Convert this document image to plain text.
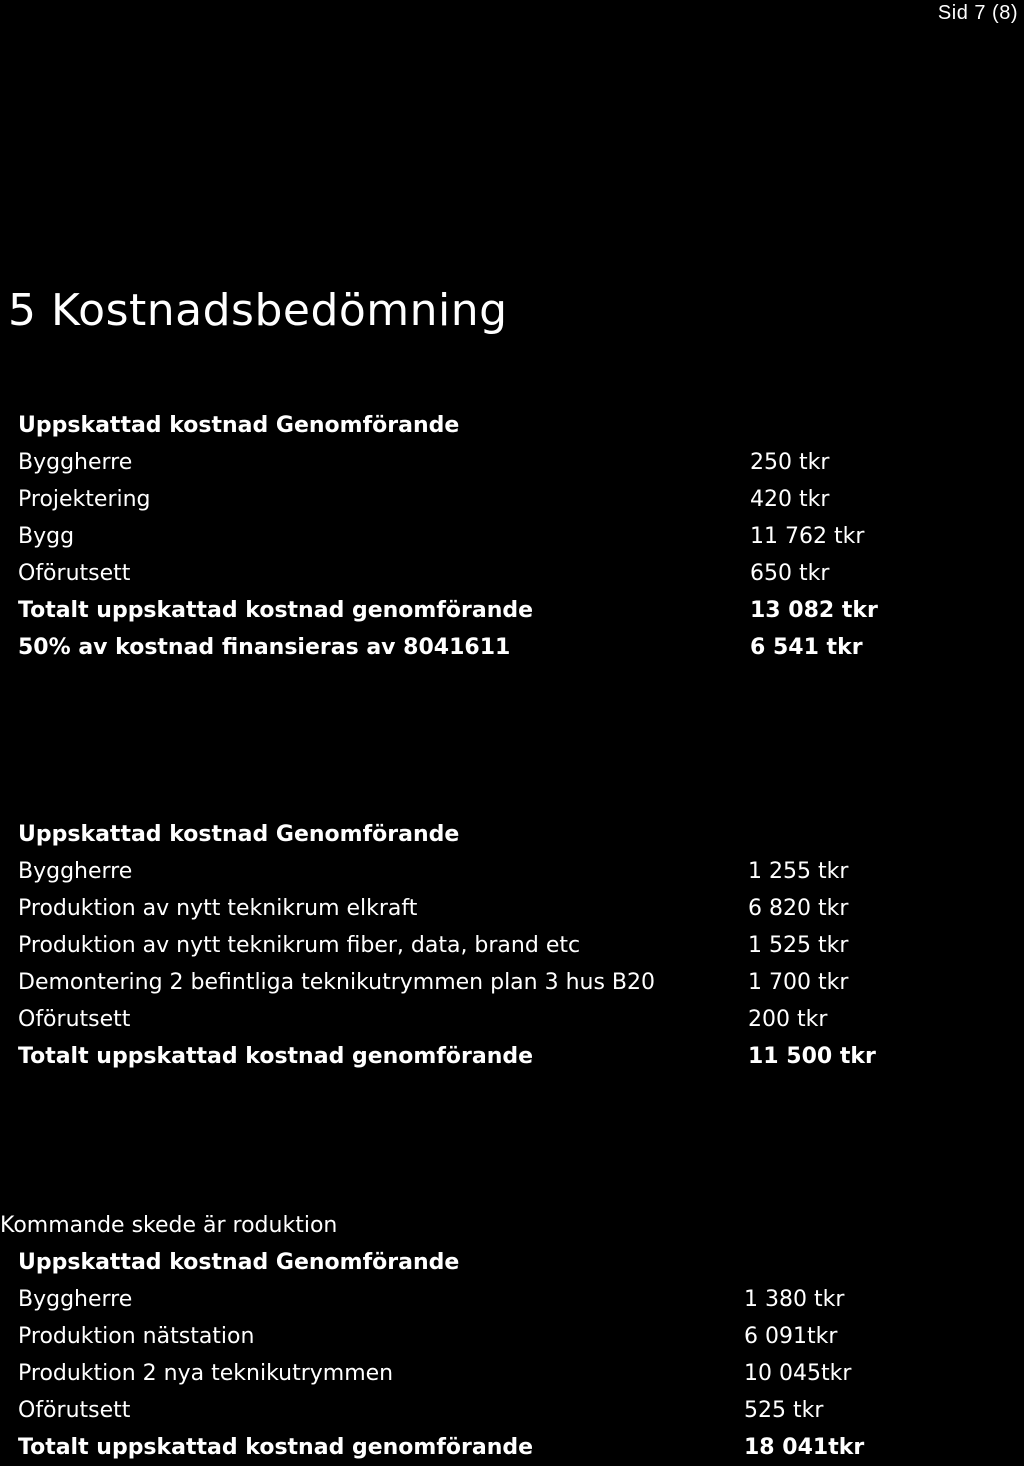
Sid 7 (8)
5 Kostnadsbedömning
Uppskattad kostnad Genomförande
Byggherre	250 tkr
Projektering	420 tkr
Bygg	11 762 tkr
Oförutsett	650 tkr
Totalt uppskattad kostnad genomförande	13 082 tkr
50% av kostnad finansieras av 8041611	6 541 tkr
Uppskattad kostnad Genomförande
Byggherre	1 255 tkr
Produktion av nytt teknikrum elkraft	6 820 tkr
Produktion av nytt teknikrum fiber, data, brand etc	1 525 tkr
Demontering 2 befintliga teknikutrymmen plan 3 hus B20	1 700 tkr
Oförutsett	200 tkr
Totalt uppskattad kostnad genomförande	11 500 tkr
Kommande skede är roduktion
Uppskattad kostnad Genomförande
Byggherre	1 380 tkr
Produktion nätstation	6 091tkr
Produktion 2 nya teknikutrymmen	10 045tkr
Oförutsett	525 tkr
Totalt uppskattad kostnad genomförande	18 041tkr
